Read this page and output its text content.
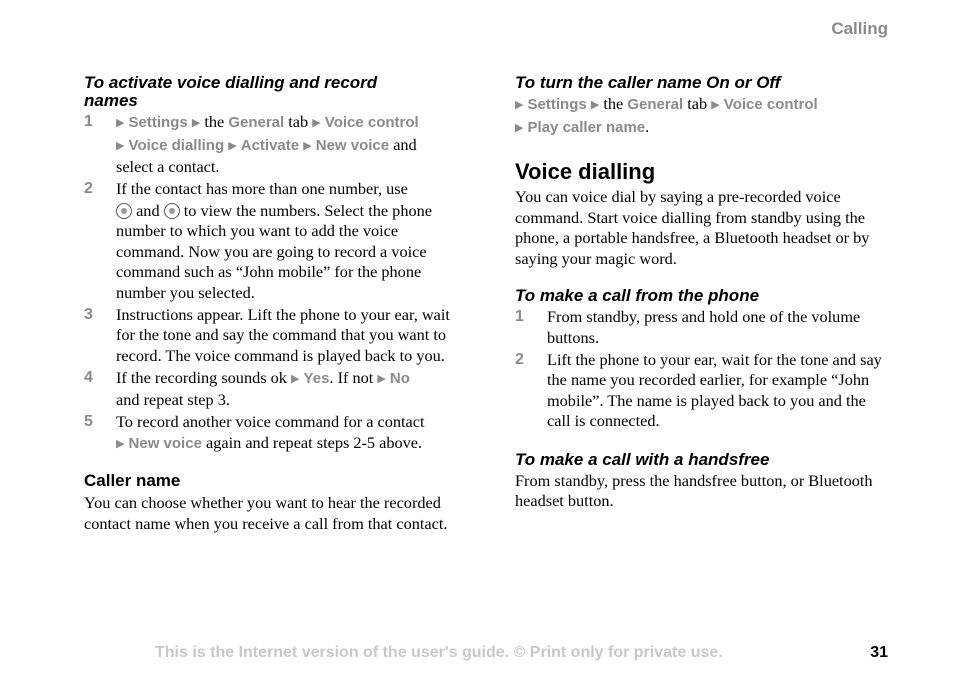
Calling
To activate voice dialling and record names
1 ▶ Settings ▶ the General tab ▶ Voice control
▶ Voice dialling ▶ Activate ▶ New voice and select a contact.
2 If the contact has more than one number, use
and to view the numbers. Select the phone number to which you want to add the voice command. Now you are going to record a voice command such as “John mobile” for the phone number you selected.
3 Instructions appear. Lift the phone to your ear, wait for the tone and say the command that you want to record. The voice command is played back to you.
4 If the recording sounds ok ▶ Yes. If not ▶ No
and repeat step 3.
5 To record another voice command for a contact
▶ New voice again and repeat steps 2-5 above.
Caller name

You can choose whether you want to hear the recorded contact name when you receive a call from that contact.

To turn the caller name On or Off

▶ Settings ▶ the General tab ▶ Voice control
▶ Play caller name.

Voice dialling

You can voice dial by saying a pre-recorded voice command. Start voice dialling from standby using the phone, a portable handsfree, a Bluetooth headset or by saying your magic word.

To make a call from the phone
1 From standby, press and hold one of the volume buttons.
2 Lift the phone to your ear, wait for the tone and say the name you recorded earlier, for example “John mobile”. The name is played back to you and the call is connected.
To make a call with a handsfree

From standby, press the handsfree button, or Bluetooth headset button.

This is the Internet version of the user's guide. © Print only for private use.	31
